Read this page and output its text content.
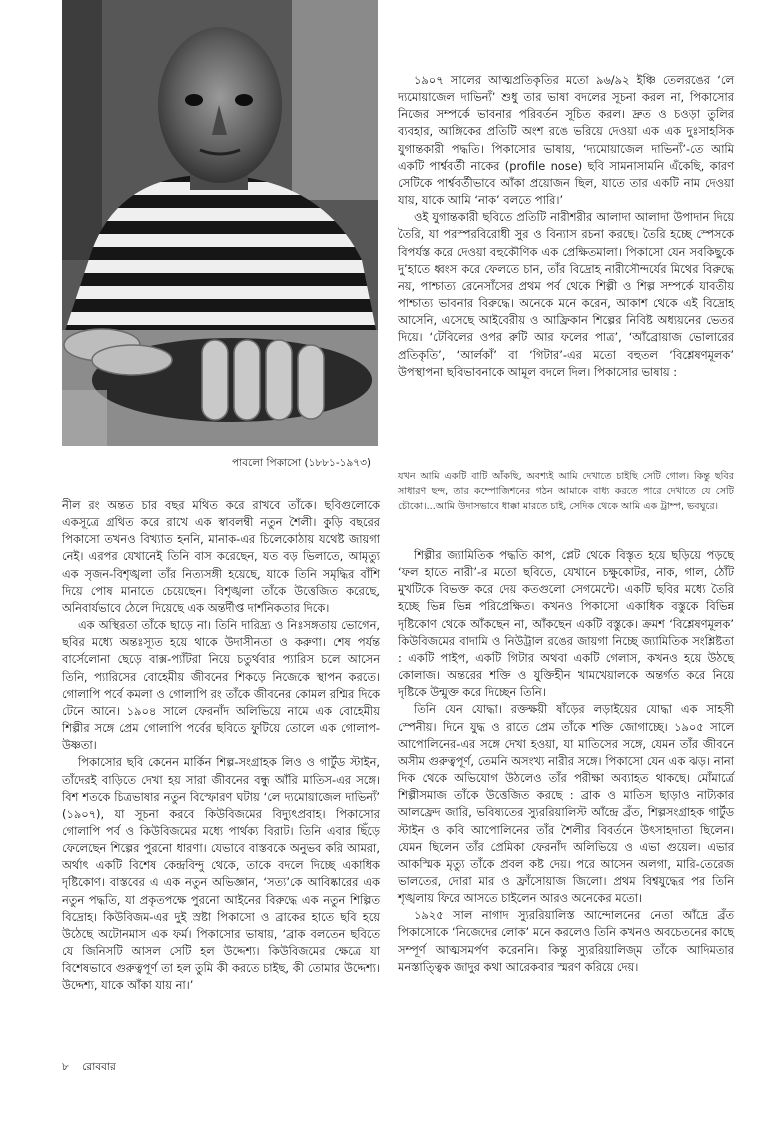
পাবলো পিকাসো (১৮৮১-১৯৭৩)

১৯০৭ সালের আত্মপ্রতিকৃতির মতো ৯৬/৯২ ইঞ্চি তেলরঙের ‘লে দ্যমোয়াজেল দাভিন্যঁ’ শুধু তার ভাষা বদলের সূচনা করল না, পিকাসোর নিজের সম্পর্কে ভাবনার পরিবর্তন সূচিত করল। দ্রুত ও চওড়া তুলির ব্যবহার, আঙ্গিকের প্রতিটি অংশ রঙে ভরিয়ে দেওয়া এক এক দুঃসাহসিক যুগান্তকারী পদ্ধতি। পিকাসোর ভাষায়, ‘দ্যমোয়াজেল দাভিন্যঁ’-তে আমি একটি পার্শ্ববর্তী নাকের (profile nose) ছবি সামনাসামনি এঁকেছি, কারণ সেটিকে পার্শ্ববর্তীভাবে আঁকা প্রয়োজন ছিল, যাতে তার একটি নাম দেওয়া যায়, যাকে আমি ‘নাক’ বলতে পারি।’

ওই যুগান্তকারী ছবিতে প্রতিটি নারীশরীর আলাদা আলাদা উপাদান দিয়ে তৈরি, যা পরস্পরবিরোধী সুর ও বিন্যাস রচনা করছে। তৈরি হচ্ছে স্পেসকে বিপর্যস্ত করে দেওয়া বহুকৌণিক এক প্রেক্ষিতমালা। পিকাসো যেন সবকিছুকে দু’হাতে ধ্বংস করে ফেলতে চান, তাঁর বিদ্রোহ নারীসৌন্দর্যের মিথের বিরুদ্ধে নয়, পাশ্চাত্য রেনেসাঁসের প্রথম পর্ব থেকে শিল্পী ও শিল্প সম্পর্কে যাবতীয় পাশ্চাত্য ভাবনার বিরুদ্ধে। অনেকে মনে করেন, আকাশ থেকে এই বিদ্রোহ আসেনি, এসেছে আইবেরীয় ও আফ্রিকান শিল্পের নিবিষ্ট অধ্যয়নের ভেতর দিয়ে। ‘টেবিলের ওপর রুটি আর ফলের পাত্র’, ‘আঁব্রোয়াজ ভোলারের প্রতিকৃতি’, ‘আর্লকাঁ’ বা ‘গিটার’-এর মতো বহুতল ‘বিশ্লেষণমূলক’ উপস্থাপনা ছবিভাবনাকে আমূল বদলে দিল। পিকাসোর ভাষায় :

যখন আমি একটি বাটি আঁকছি, অবশ্যই আমি দেখাতে চাইছি সেটি গোল। কিন্তু ছবির সাধারণ ছন্দ, তার কম্পোজিশনের গঠন আমাকে বাধ্য করতে পারে দেখাতে যে সেটি চৌকো।...আমি উদাসভাবে ধাক্কা মারতে চাই, সেদিক থেকে আমি এক ট্রাম্প, ভবঘুরে।

নীল রং অন্তত চার বছর মথিত করে রাখবে তাঁকে। ছবিগুলোকে একসূত্রে গ্রথিত করে রাখে এক স্বাবলম্বী নতুন শৈলী। কুড়ি বছরের পিকাসো তখনও বিখ্যাত হননি, মানাক-এর চিলেকোঠায় যথেষ্ট জায়গা নেই। এরপর যেখানেই তিনি বাস করেছেন, যত বড় ভিলাতে, আমৃত্যু এক সৃজন-বিশৃঙ্খলা তাঁর নিত্যসঙ্গী হয়েছে, যাকে তিনি সমৃদ্ধির বাঁশি দিয়ে পোষ মানাতে চেয়েছেন। বিশৃঙ্খলা তাঁকে উত্তেজিত করেছে, অনিবার্যভাবে ঠেলে দিয়েছে এক অন্তর্দীপ্ত দার্শনিকতার দিকে।

এক অস্থিরতা তাঁকে ছাড়ে না। তিনি দারিদ্র্য ও নিঃসঙ্গতায় ভোগেন, ছবির মধ্যে অন্তঃস্যূত হয়ে থাকে উদাসীনতা ও করুণা। শেষ পর্যন্ত বার্সেলোনা ছেড়ে বাক্স-প্যাঁটরা নিয়ে চতুর্থবার প্যারিস চলে আসেন তিনি, প্যারিসের বোহেমীয় জীবনের শিকড়ে নিজেকে স্থাপন করতে। গোলাপি পর্বে কমলা ও গোলাপি রং তাঁকে জীবনের কোমল রশ্মির দিকে টেনে আনে। ১৯০৪ সালে ফেরনাঁদ অলিভিয়ে নামে এক বোহেমীয় শিল্পীর সঙ্গে প্রেম গোলাপি পর্বের ছবিতে ফুটিয়ে তোলে এক গোলাপ-উষ্ণতা।

পিকাসোর ছবি কেনেন মার্কিন শিল্প-সংগ্রাহক লিও ও গার্টুড স্টাইন, তাঁদেরই বাড়িতে দেখা হয় সারা জীবনের বন্ধু আঁরি মাতিস-এর সঙ্গে। বিশ শতকে চিত্রভাষার নতুন বিস্ফোরণ ঘটায় ‘লে দ্যমোয়াজেল দাভিন্যঁ’ (১৯০৭), যা সূচনা করবে কিউবিজমের বিদ্যুৎপ্রবাহ। পিকাসোর গোলাপি পর্ব ও কিউবিজমের মধ্যে পার্থক্য বিরাট। তিনি এবার ছিঁড়ে ফেলেছেন শিল্পের পুরনো ধারণা। যেভাবে বাস্তবকে অনুভব করি আমরা, অর্থাৎ একটি বিশেষ কেন্দ্রবিন্দু থেকে, তাকে বদলে দিচ্ছে একাধিক দৃষ্টিকোণ। বাস্তবের এ এক নতুন অভিজ্ঞান, ‘সত্য’কে আবিষ্কারের এক নতুন পদ্ধতি, যা প্রকৃতপক্ষে পুরনো আইনের বিরুদ্ধে এক নতুন শিল্পিত বিদ্রোহ। কিউবিজম-এর দুই স্রষ্টা পিকাসো ও ব্রাকের হাতে ছবি হয়ে উঠেছে অটোনমাস এক ফর্ম। পিকাসোর ভাষায়, ‘ব্রাক বলতেন ছবিতে যে জিনিসটি আসল সেটি হল উদ্দেশ্য। কিউবিজমের ক্ষেত্রে যা বিশেষভাবে গুরুত্বপূর্ণ তা হল তুমি কী করতে চাইছ, কী তোমার উদ্দেশ্য। উদ্দেশ্য, যাকে আঁকা যায় না।’

শিল্পীর জ্যামিতিক পদ্ধতি কাপ, প্লেট থেকে বিস্তৃত হয়ে ছড়িয়ে পড়ছে ‘ফল হাতে নারী’-র মতো ছবিতে, যেখানে চক্ষুকোটর, নাক, গাল, ঠোঁট মুখটিকে বিভক্ত করে দেয় কতগুলো সেগমেন্টে। একটি ছবির মধ্যে তৈরি হচ্ছে ভিন্ন ভিন্ন পরিপ্রেক্ষিত। কখনও পিকাসো একাধিক বস্তুকে বিভিন্ন দৃষ্টিকোণ থেকে আঁকছেন না, আঁকছেন একটি বস্তুকে। ক্রমশ ‘বিশ্লেষণমূলক’ কিউবিজমের বাদামি ও নিউট্রাল রঙের জায়গা নিচ্ছে জ্যামিতিক সংশ্লিষ্টতা : একটি পাইপ, একটি গিটার অথবা একটি গেলাস, কখনও হয়ে উঠছে কোলাজ। অন্তরের শক্তি ও যুক্তিহীন খামখেয়ালকে অন্তর্গত করে নিয়ে দৃষ্টিকে উন্মুক্ত করে দিচ্ছেন তিনি।

তিনি যেন যোদ্ধা। রক্তক্ষয়ী ষাঁড়ের লড়াইয়ের যোদ্ধা এক সাহসী স্পেনীয়। দিনে যুদ্ধ ও রাতে প্রেম তাঁকে শক্তি জোগাচ্ছে। ১৯০৫ সালে আপোলিনের-এর সঙ্গে দেখা হওয়া, যা মাতিসের সঙ্গে, যেমন তাঁর জীবনে অসীম গুরুত্বপূর্ণ, তেমনি অসংখ্য নারীর সঙ্গে। পিকাসো যেন এক ঝড়। নানা দিক থেকে অভিযোগ উঠলেও তাঁর পরীক্ষা অব্যাহত থাকছে। মোঁমার্ত্রে শিল্পীসমাজ তাঁকে উত্তেজিত করছে : ব্রাক ও মাতিস ছাড়াও নাট্যকার আলফ্রেদ জারি, ভবিষ্যতের স্যুররিয়ালিস্ট আঁন্দ্রে ব্রঁত, শিল্পসংগ্রাহক গার্টুড স্টাইন ও কবি আপোলিনের তাঁর শৈলীর বিবর্তনে উৎসাহদাতা ছিলেন। যেমন ছিলেন তাঁর প্রেমিকা ফেরনাঁদ অলিভিয়ে ও এভা গুয়েল। এভার আকস্মিক মৃত্যু তাঁকে প্রবল কষ্ট দেয়। পরে আসেন অলগা, মারি-তেরেজ ভালতের, দোরা মার ও ফ্রাঁসোয়াজ জিলো। প্রথম বিশ্বযুদ্ধের পর তিনি শৃঙ্খলায় ফিরে আসতে চাইলেন আরও অনেকের মতো।

১৯২৫ সাল নাগাদ স্যুররিয়ালিস্ত আন্দোলনের নেতা আঁদ্রে ব্রঁত পিকাসোকে ‘নিজেদের লোক’ মনে করলেও তিনি কখনও অবচেতনের কাছে সম্পূর্ণ আত্মসমর্পণ করেননি। কিন্তু স্যুররিয়ালিজ্‌ম তাঁকে আদিমতার মনস্তাত্ত্বিক জাদুর কথা আরেকবার স্মরণ করিয়ে দেয়।

৮ রোববার
